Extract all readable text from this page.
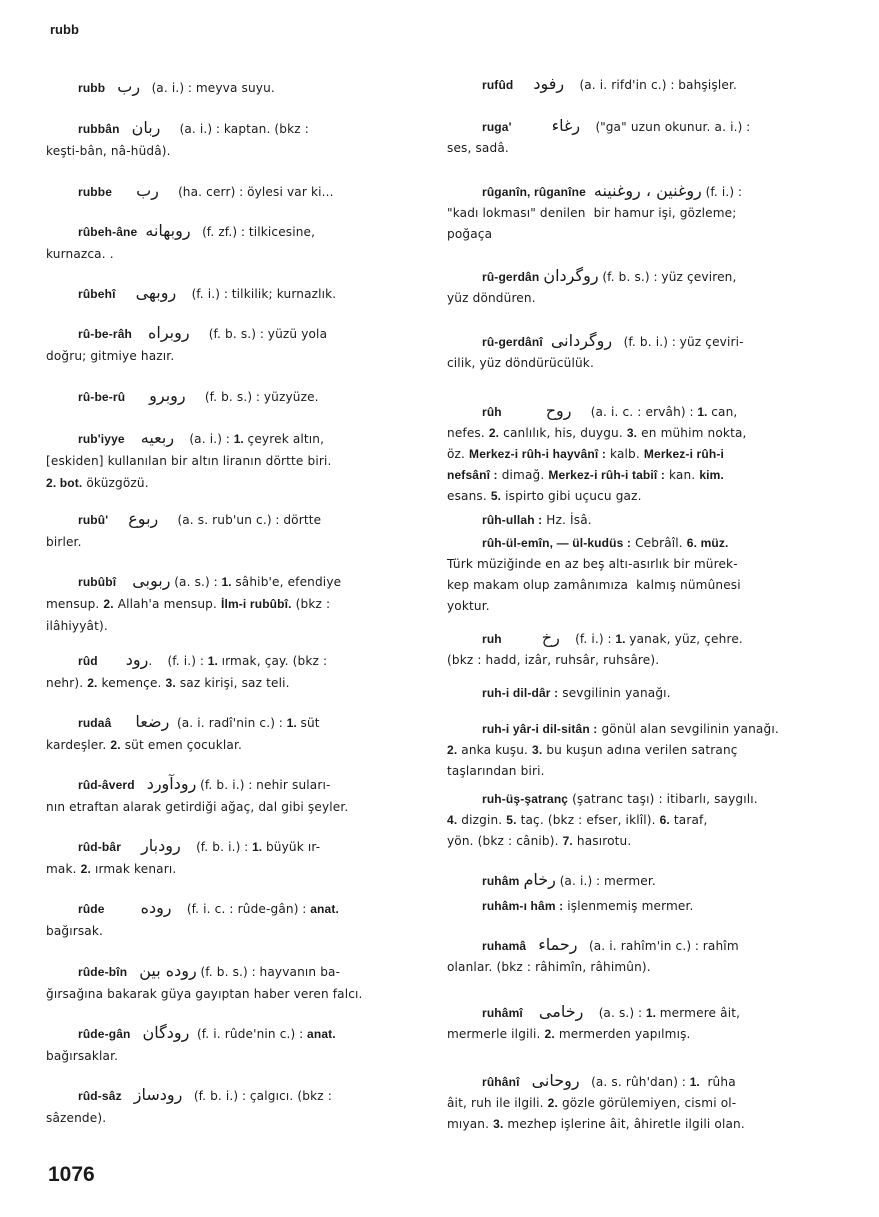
rubb

rubb رب   (a. i.) : meyva suyu.

rubbân ربان     (a. i.) : kaptan. (bkz :

keşti-bân, nâ-hüdâ).

rubbe رب     (ha. cerr) : öylesi var ki...

rûbeh-âne روبهانه   (f. zf.) : tilkicesine,

kurnazca. .

rûbehî روبهى    (f. i.) : tilkilik; kurnazlık.

rû-be-râh روبراه     (f. b. s.) : yüzü yola

doğru; gitmiye hazır.

rû-be-rû روبرو     (f. b. s.) : yüzyüze.

rub'iyye ربعيه    (a. i.) : 1. çeyrek altın,

[eskiden] kullanılan bir altın liranın dörtte biri.

2. bot. öküzgözü.

rubû' ربوع     (a. s. rub'un c.) : dörtte

birler.

rubûbî ربوبى (a. s.) : 1. sâhib'e, efendiye

mensup. 2. Allah'a mensup. İlm-i rubûbî. (bkz :

ilâhiyyât).

rûd رود.    (f. i.) : 1. ırmak, çay. (bkz :

nehr). 2. kemençe. 3. saz kirişi, saz teli.

rudaâ رضعا  (a. i. radî'nin c.) : 1. süt

kardeşler. 2. süt emen çocuklar.

rûd-âverd رودآورد (f. b. i.) : nehir suları-

nın etraftan alarak getirdiği ağaç, dal gibi şeyler.

rûd-bâr رودبار    (f. b. i.) : 1. büyük ır-

mak. 2. ırmak kenarı.

rûde روده    (f. i. c. : rûde-gân) : anat.

bağırsak.

rûde-bîn روده بين (f. b. s.) : hayvanın ba-

ğırsağına bakarak güya gayıptan haber veren falcı.

rûde-gân رودگان  (f. i. rûde'nin c.) : anat.

bağırsaklar.

rûd-sâz رودساز   (f. b. i.) : çalgıcı. (bkz :

sâzende).

rufûd رفود    (a. i. rifd'in c.) : bahşişler.

ruga' رغاء    ("ga" uzun okunur. a. i.) :

ses, sadâ.

rûganîn, rûganîne روغنين ، روغنينه (f. i.) :

"kadı lokması" denilen  bir hamur işi, gözleme;

poğaça

rû-gerdân روگردان (f. b. s.) : yüz çeviren,

yüz döndüren.

rû-gerdânî روگردانى   (f. b. i.) : yüz çeviri-

cilik, yüz döndürücülük.

rûh	روح     (a. i. c. : ervâh) : 1. can,

nefes. 2. canlılık, his, duygu. 3. en mühim nokta,

öz. Merkez-i rûh-i hayvânî : kalb. Merkez-i rûh-i

nefsânî : dimağ. Merkez-i rûh-i tabiî : kan. kim.

esans. 5. ispirto gibi uçucu gaz.

rûh-ullah : Hz. İsâ.

rûh-ül-emîn, — ül-kudüs : Cebrâîl. 6. müz.

Türk müziğinde en az beş altı-asırlık bir mürek-

kep makam olup zamânımıza  kalmış nümûnesi

yoktur.

ruh رخ    (f. i.) : 1. yanak, yüz, çehre.

(bkz : hadd, izâr, ruhsâr, ruhsâre).

ruh-i dil-dâr : sevgilinin yanağı.

ruh-i yâr-i dil-sitân : gönül alan sevgilinin yanağı.

2. anka kuşu. 3. bu kuşun adına verilen satranç

taşlarından biri.

ruh-üş-şatranç (şatranc taşı) : itibarlı, saygılı.

4. dizgin. 5. taç. (bkz : efser, iklîl). 6. taraf,

yön. (bkz : cânib). 7. hasırotu.

ruhâm رخام (a. i.) : mermer.

ruhâm-ı hâm : işlenmemiş mermer.

ruhamâ رحماء   (a. i. rahîm'in c.) : rahîm

olanlar. (bkz : râhimîn, râhimûn).

ruhâmî رخامى    (a. s.) : 1. mermere âit,

mermerle ilgili. 2. mermerden yapılmış.

rûhânî روحانى   (a. s. rûh'dan) : 1.  rûha

âit, ruh ile ilgili. 2. gözle görülemiyen, cismi ol-

mıyan. 3. mezhep işlerine âit, âhiretle ilgili olan.

1076
